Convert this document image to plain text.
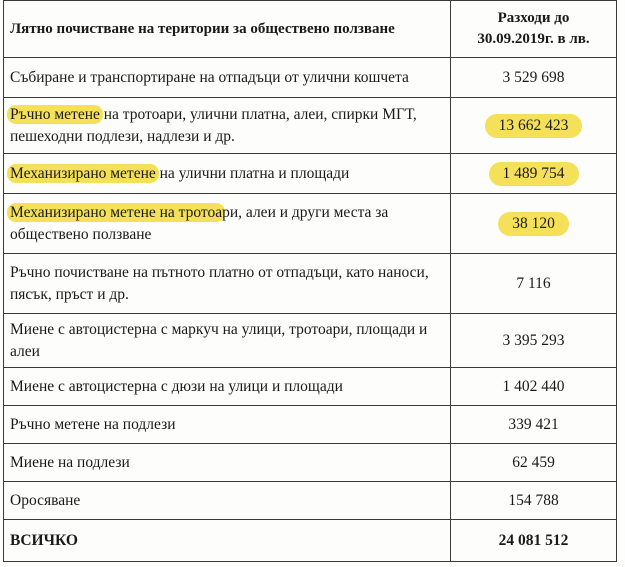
Лятно почистване на територии за обществено ползване	Разходи до
30.09.2019г. в лв.
Събиране и транспортиране на отпадъци от улични кошчета	3 529 698
Ръчно метене на тротоари, улични платна, алеи, спирки МГТ, пешеходни подлези, надлези и др.	13 662 423
Механизирано метене на улични платна и площади	1 489 754
Механизирано метене на тротоари, алеи и други места за обществено ползване	38 120
Ръчно почистване на пътното платно от отпадъци, като наноси, пясък, пръст и др.	7 116
Миене с автоцистерна с маркуч на улици, тротоари, площади и алеи	3 395 293
Миене с автоцистерна с дюзи на улици и площади	1 402 440
Ръчно метене на подлези	339 421
Миене на подлези	62 459
Оросяване	154 788
ВСИЧКО	24 081 512
